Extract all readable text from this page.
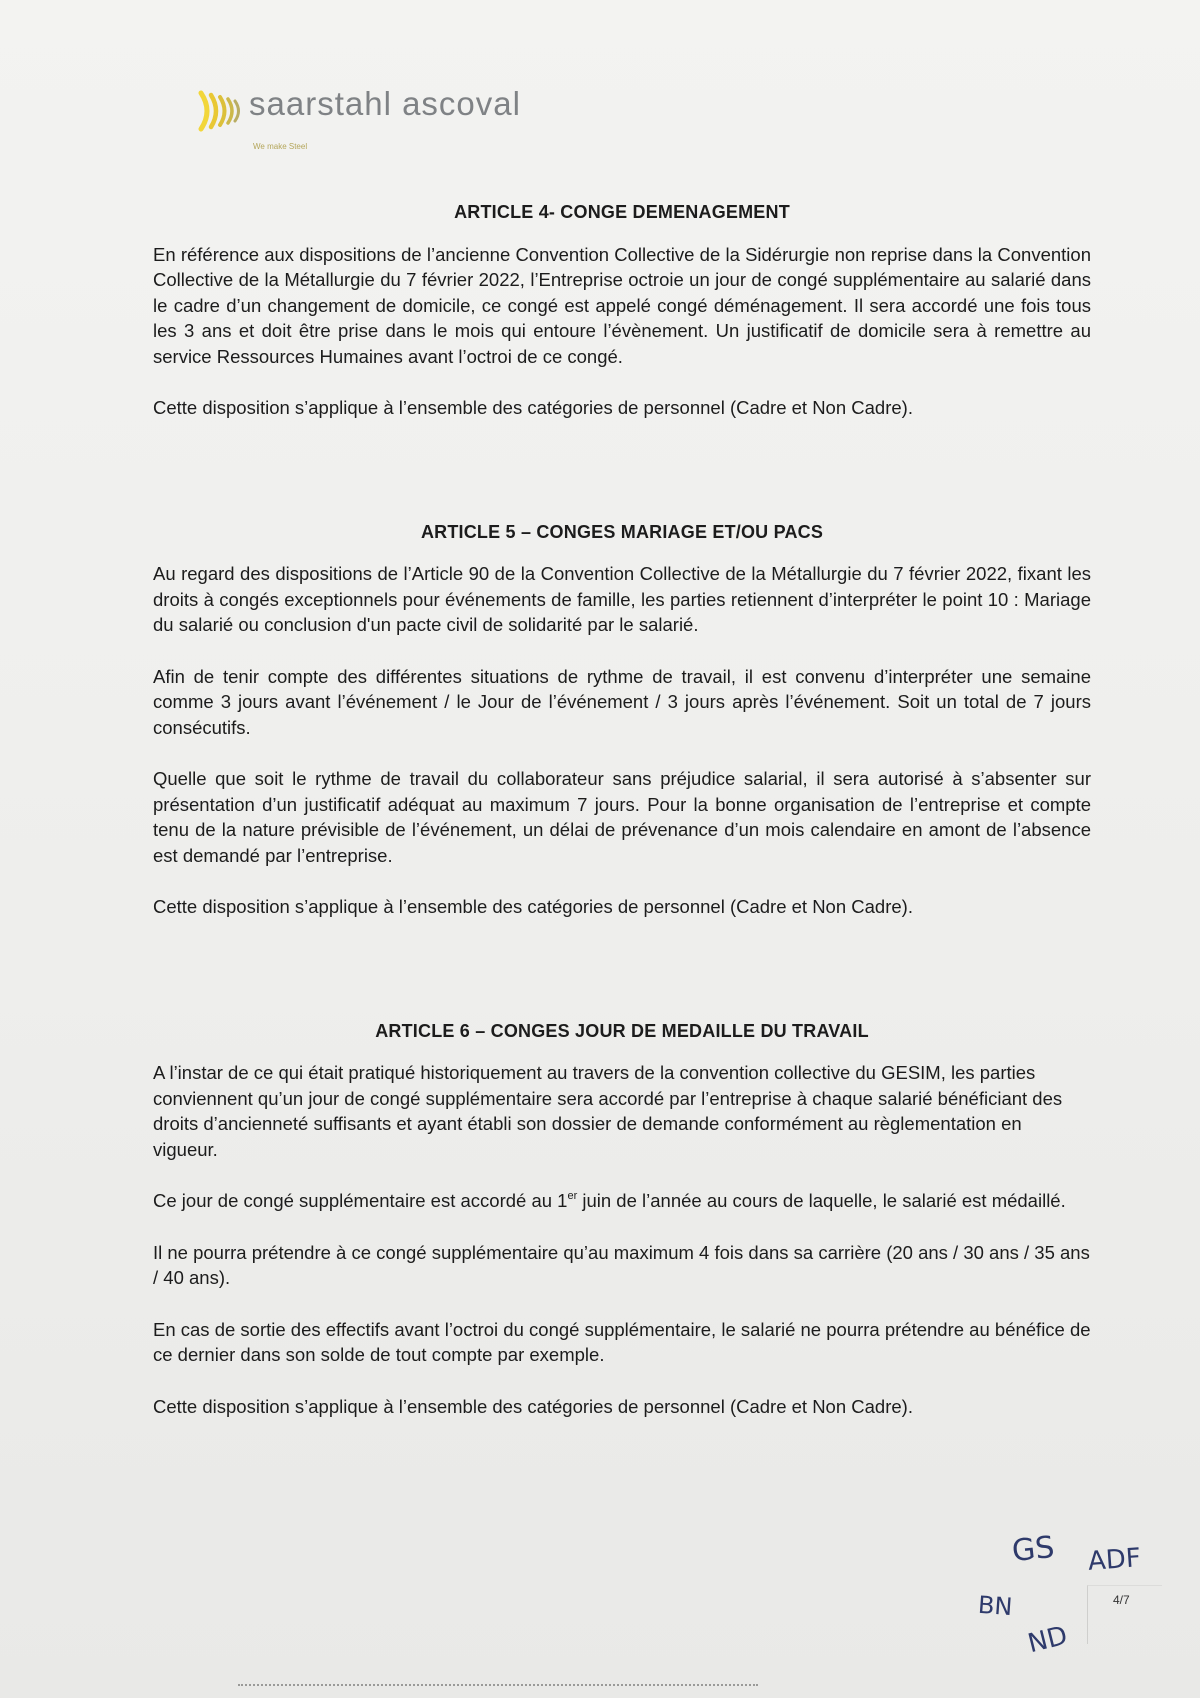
saarstahl ascoval
We make Steel
ARTICLE 4- CONGE DEMENAGEMENT

En référence aux dispositions de l’ancienne Convention Collective de la Sidérurgie non reprise dans la Convention Collective de la Métallurgie du 7 février 2022, l’Entreprise octroie un jour de congé supplémentaire au salarié dans le cadre d’un changement de domicile, ce congé est appelé congé déménagement. Il sera accordé une fois tous les 3 ans et doit être prise dans le mois qui entoure l’évènement. Un justificatif de domicile sera à remettre au service Ressources Humaines avant l’octroi de ce congé.

Cette disposition s’applique à l’ensemble des catégories de personnel (Cadre et Non Cadre).

ARTICLE 5 – CONGES MARIAGE ET/OU PACS

Au regard des dispositions de l’Article 90 de la Convention Collective de la Métallurgie du 7 février 2022, fixant les droits à congés exceptionnels pour événements de famille, les parties retiennent d’interpréter le point 10 : Mariage du salarié ou conclusion d'un pacte civil de solidarité par le salarié.

Afin de tenir compte des différentes situations de rythme de travail, il est convenu d’interpréter une semaine comme 3 jours avant l’événement / le Jour de l’événement / 3 jours après l’événement. Soit un total de 7 jours consécutifs.

Quelle que soit le rythme de travail du collaborateur sans préjudice salarial, il sera autorisé à s’absenter sur présentation d’un justificatif adéquat au maximum 7 jours. Pour la bonne organisation de l’entreprise et compte tenu de la nature prévisible de l’événement, un délai de prévenance d’un mois calendaire en amont de l’absence est demandé par l’entreprise.

Cette disposition s’applique à l’ensemble des catégories de personnel (Cadre et Non Cadre).

ARTICLE 6 – CONGES JOUR DE MEDAILLE DU TRAVAIL

A l’instar de ce qui était pratiqué historiquement au travers de la convention collective du GESIM, les parties conviennent qu’un jour de congé supplémentaire sera accordé par l’entreprise à chaque salarié bénéficiant des droits d’ancienneté suffisants et ayant établi son dossier de demande conformément au règlementation en vigueur.

Ce jour de congé supplémentaire est accordé au 1er juin de l’année au cours de laquelle, le salarié est médaillé.

Il ne pourra prétendre à ce congé supplémentaire qu’au maximum 4 fois dans sa carrière (20 ans / 30 ans / 35 ans / 40 ans).

En cas de sortie des effectifs avant l’octroi du congé supplémentaire, le salarié ne pourra prétendre au bénéfice de ce dernier dans son solde de tout compte par exemple.

Cette disposition s’applique à l’ensemble des catégories de personnel (Cadre et Non Cadre).

GS ADF
BN
ND
4/7
